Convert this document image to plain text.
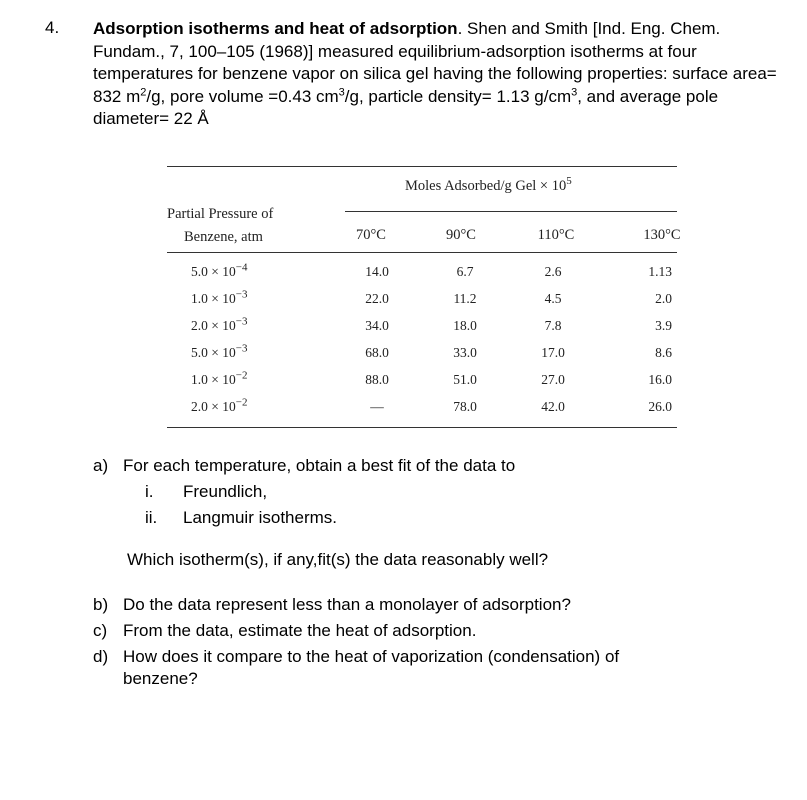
4. Adsorption isotherms and heat of adsorption. Shen and Smith [Ind. Eng. Chem. Fundam., 7, 100–105 (1968)] measured equilibrium-adsorption isotherms at four temperatures for benzene vapor on silica gel having the following properties: surface area= 832 $m^2/g$, pore volume =0.43 $cm^3/g$, particle density= 1.13 $g/cm^3$, and average pole diameter= 22 Å
Moles Adsorbed/g Gel × $10^5$
Partial Pressure of
Benzene, atm	70°C	90°C	110°C	130°C
$5.0 \times 10^{-4}$	14.0	6.7	2.6	1.13
$1.0 \times 10^{-3}$	22.0	11.2	4.5	2.0
$2.0 \times 10^{-3}$	34.0	18.0	7.8	3.9
$5.0 \times 10^{-3}$	68.0	33.0	17.0	8.6
$1.0 \times 10^{-2}$	88.0	51.0	27.0	16.0
$2.0 \times 10^{-2}$	—	78.0	42.0	26.0
a) For each temperature, obtain a best fit of the data to
i. Freundlich,
ii. Langmuir isotherms.
Which isotherm(s), if any,fit(s) the data reasonably well?
b) Do the data represent less than a monolayer of adsorption?
c) From the data, estimate the heat of adsorption.
d) How does it compare to the heat of vaporization (condensation) of
benzene?
